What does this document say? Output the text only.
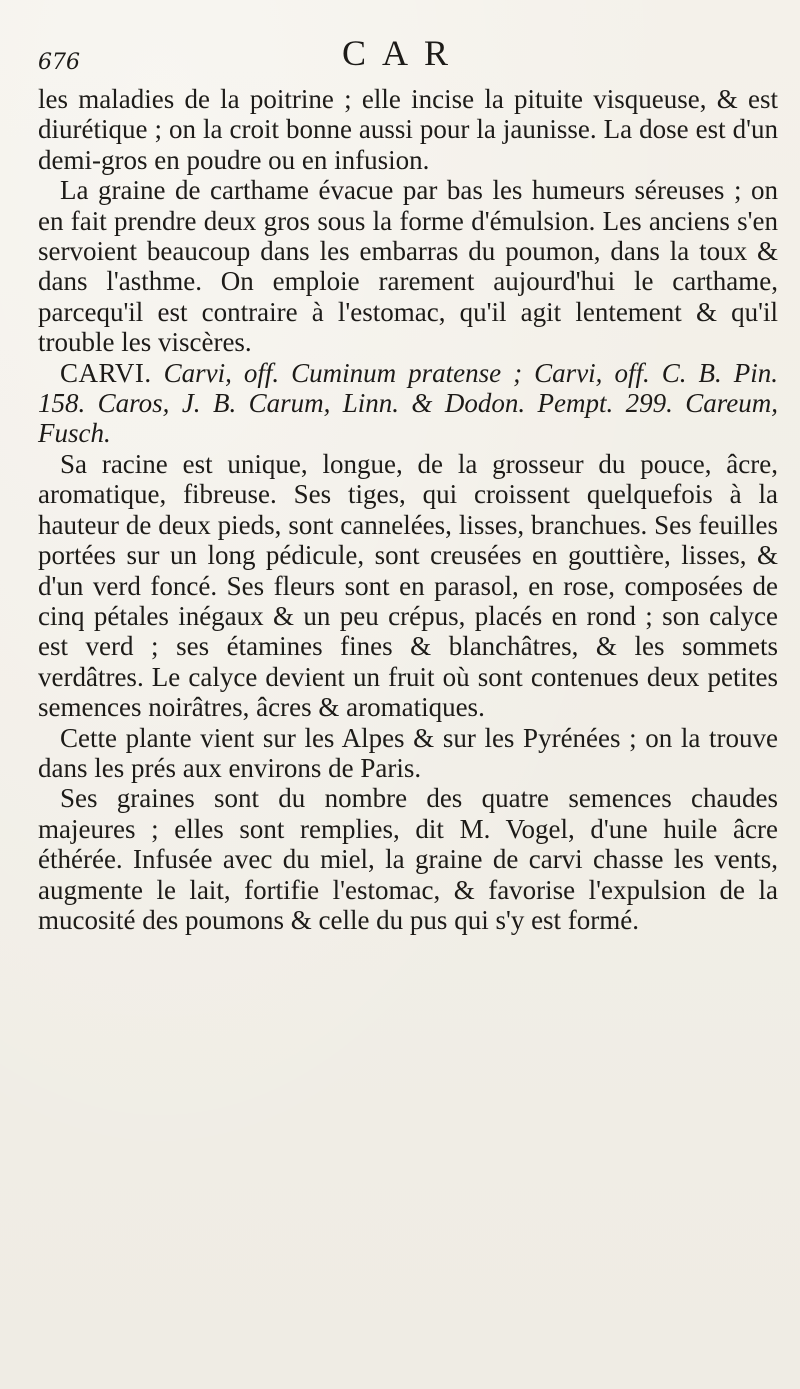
676	CAR

les maladies de la poitrine ; elle incise la pituite visqueuse, & est diurétique ; on la croit bonne aussi pour la jaunisse. La dose est d'un demi-gros en poudre ou en infusion.

La graine de carthame évacue par bas les humeurs séreuses ; on en fait prendre deux gros sous la forme d'émulsion. Les anciens s'en servoient beaucoup dans les embarras du poumon, dans la toux & dans l'asthme. On emploie rarement aujourd'hui le carthame, parcequ'il est contraire à l'estomac, qu'il agit lentement & qu'il trouble les viscères.

CARVI. Carvi, off. Cuminum pratense ; Carvi, off. C. B. Pin. 158. Caros, J. B. Carum, Linn. & Dodon. Pempt. 299. Careum, Fusch.

Sa racine est unique, longue, de la grosseur du pouce, âcre, aromatique, fibreuse. Ses tiges, qui croissent quelquefois à la hauteur de deux pieds, sont cannelées, lisses, branchues. Ses feuilles portées sur un long pédicule, sont creusées en gouttière, lisses, & d'un verd foncé. Ses fleurs sont en parasol, en rose, composées de cinq pétales inégaux & un peu crépus, placés en rond ; son calyce est verd ; ses étamines fines & blanchâtres, & les sommets verdâtres. Le calyce devient un fruit où sont contenues deux petites semences noirâtres, âcres & aromatiques.

Cette plante vient sur les Alpes & sur les Pyrénées ; on la trouve dans les prés aux environs de Paris.

Ses graines sont du nombre des quatre semences chaudes majeures ; elles sont remplies, dit M. Vogel, d'une huile âcre éthérée. Infusée avec du miel, la graine de carvi chasse les vents, augmente le lait, fortifie l'estomac, & favorise l'expulsion de la mucosité des poumons & celle du pus qui s'y est formé.
